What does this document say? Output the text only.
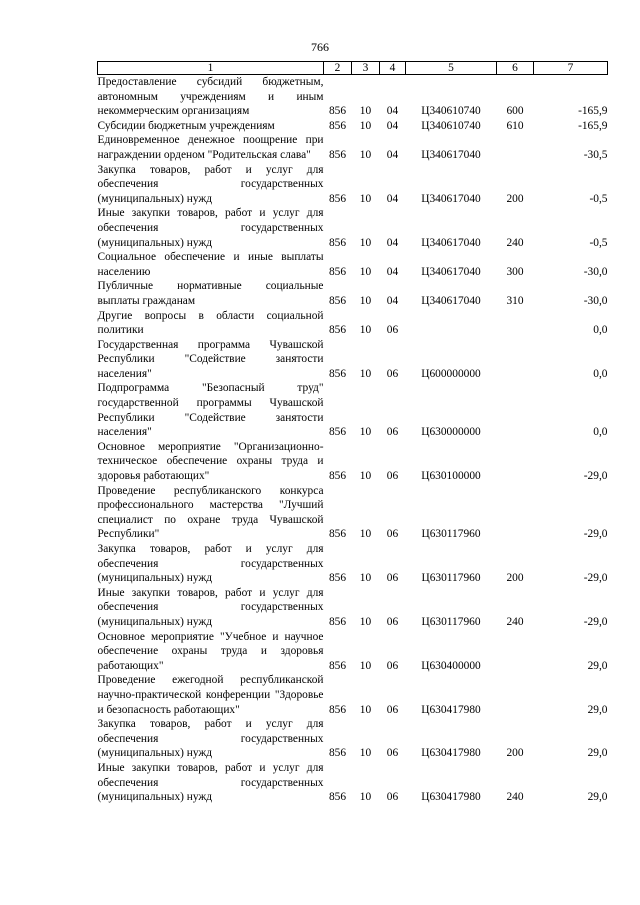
766
1	2	3	4	5	6	7
Предоставление субсидий бюджетным, автономным учреждениям и иным некоммерческим организациям	856	10	04	Ц340610740	600	-165,9
Субсидии бюджетным учреждениям	856	10	04	Ц340610740	610	-165,9
Единовременное денежное поощрение при награждении орденом "Родительская слава"	856	10	04	Ц340617040		-30,5
Закупка товаров, работ и услуг для обеспечения государственных (муниципальных) нужд	856	10	04	Ц340617040	200	-0,5
Иные закупки товаров, работ и услуг для обеспечения государственных (муниципальных) нужд	856	10	04	Ц340617040	240	-0,5
Социальное обеспечение и иные выплаты населению	856	10	04	Ц340617040	300	-30,0
Публичные нормативные социальные выплаты гражданам	856	10	04	Ц340617040	310	-30,0
Другие вопросы в области социальной политики	856	10	06			0,0
Государственная программа Чувашской Республики "Содействие занятости населения"	856	10	06	Ц600000000		0,0
Подпрограмма "Безопасный труд" государственной программы Чувашской Республики "Содействие занятости населения"	856	10	06	Ц630000000		0,0
Основное мероприятие "Организационно-техническое обеспечение охраны труда и здоровья работающих"	856	10	06	Ц630100000		-29,0
Проведение республиканского конкурса профессионального мастерства "Лучший специалист по охране труда Чувашской Республики"	856	10	06	Ц630117960		-29,0
Закупка товаров, работ и услуг для обеспечения государственных (муниципальных) нужд	856	10	06	Ц630117960	200	-29,0
Иные закупки товаров, работ и услуг для обеспечения государственных (муниципальных) нужд	856	10	06	Ц630117960	240	-29,0
Основное мероприятие "Учебное и научное обеспечение охраны труда и здоровья работающих"	856	10	06	Ц630400000		29,0
Проведение ежегодной республиканской научно-практической конференции "Здоровье и безопасность работающих"	856	10	06	Ц630417980		29,0
Закупка товаров, работ и услуг для обеспечения государственных (муниципальных) нужд	856	10	06	Ц630417980	200	29,0
Иные закупки товаров, работ и услуг для обеспечения государственных (муниципальных) нужд	856	10	06	Ц630417980	240	29,0
